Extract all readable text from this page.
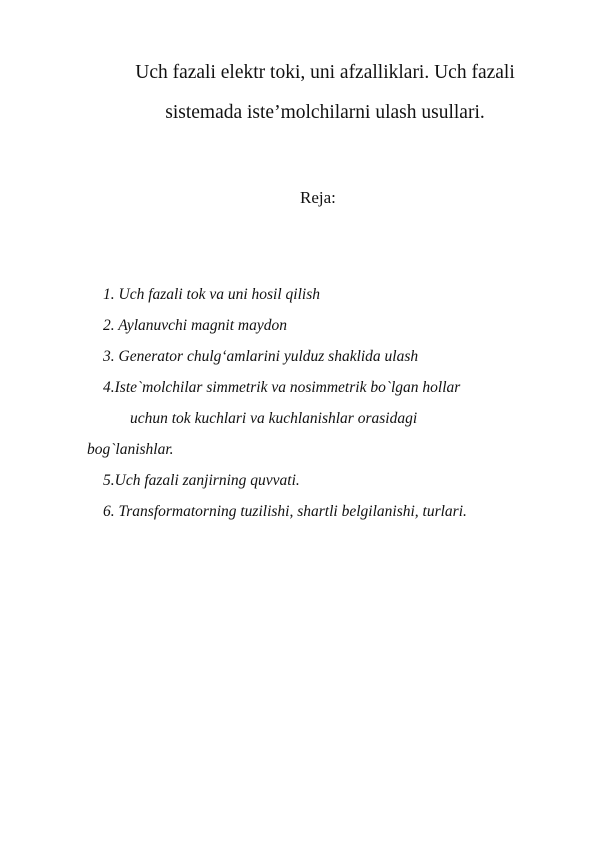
Uch fazali elektr toki, uni afzalliklari. Uch fazali
sistemada iste’molchilarni ulash usullari.

Reja:

1. Uch fazali tok va uni hosil qilish
2. Aylanuvchi magnit maydon
3. Generator chulg‘amlarini yulduz shaklida ulash
4.Iste`molchilar simmetrik va nosimmetrik bo`lgan hollar
uchun tok kuchlari va kuchlanishlar orasidagi
bog`lanishlar.
5.Uch fazali zanjirning quvvati.
6. Transformatorning tuzilishi, shartli belgilanishi, turlari.
